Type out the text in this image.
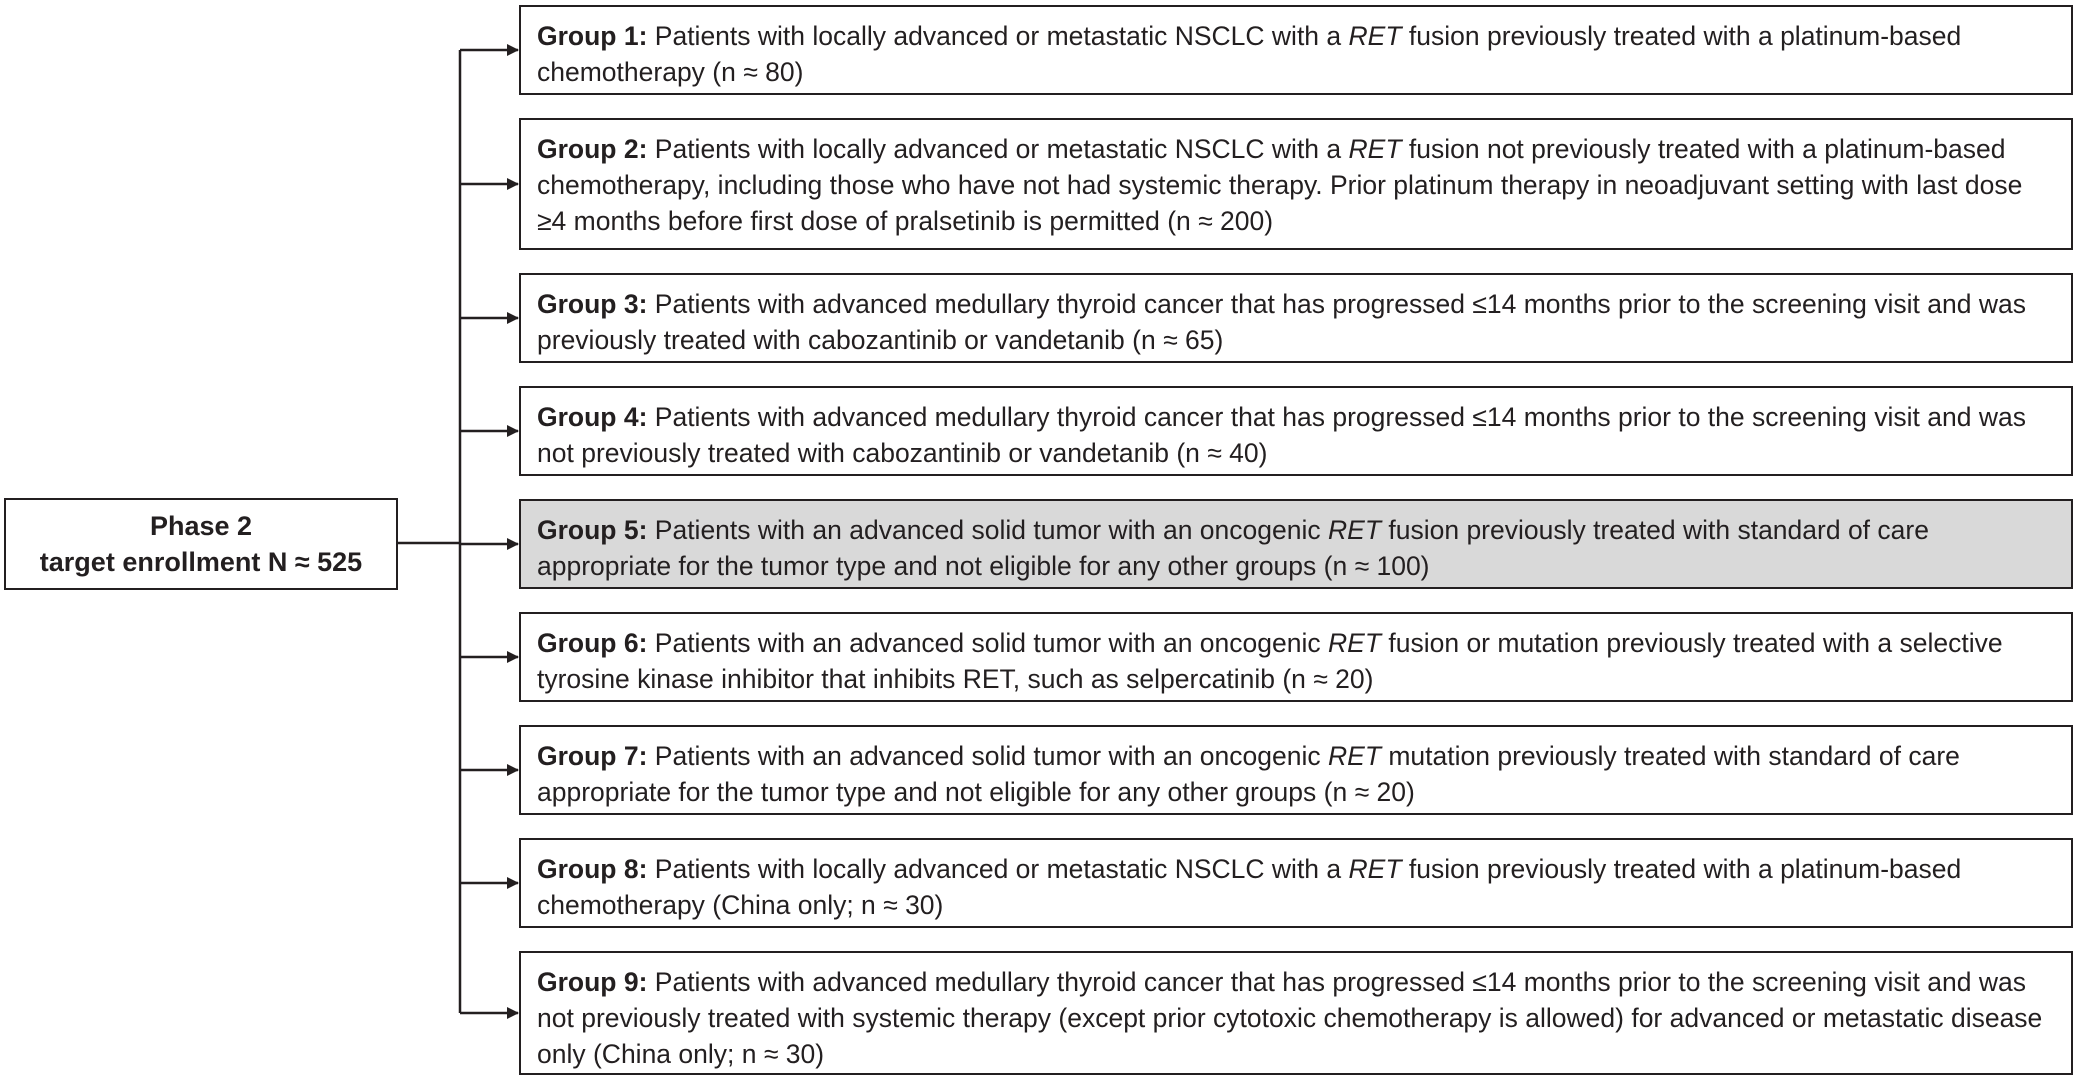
Phase 2
target enrollment N ≈ 525
Group 1: Patients with locally advanced or metastatic NSCLC with a RET fusion previously treated with a platinum-based chemotherapy (n ≈ 80)
Group 2: Patients with locally advanced or metastatic NSCLC with a RET fusion not previously treated with a platinum-based chemotherapy, including those who have not had systemic therapy. Prior platinum therapy in neoadjuvant setting with last dose ≥4 months before first dose of pralsetinib is permitted (n ≈ 200)
Group 3: Patients with advanced medullary thyroid cancer that has progressed ≤14 months prior to the screening visit and was previously treated with cabozantinib or vandetanib (n ≈ 65)
Group 4: Patients with advanced medullary thyroid cancer that has progressed ≤14 months prior to the screening visit and was not previously treated with cabozantinib or vandetanib (n ≈ 40)
Group 5: Patients with an advanced solid tumor with an oncogenic RET fusion previously treated with standard of care appropriate for the tumor type and not eligible for any other groups (n ≈ 100)
Group 6: Patients with an advanced solid tumor with an oncogenic RET fusion or mutation previously treated with a selective tyrosine kinase inhibitor that inhibits RET, such as selpercatinib (n ≈ 20)
Group 7: Patients with an advanced solid tumor with an oncogenic RET mutation previously treated with standard of care appropriate for the tumor type and not eligible for any other groups (n ≈ 20)
Group 8: Patients with locally advanced or metastatic NSCLC with a RET fusion previously treated with a platinum-based chemotherapy (China only; n ≈ 30)
Group 9: Patients with advanced medullary thyroid cancer that has progressed ≤14 months prior to the screening visit and was not previously treated with systemic therapy (except prior cytotoxic chemotherapy is allowed) for advanced or metastatic disease only (China only; n ≈ 30)
